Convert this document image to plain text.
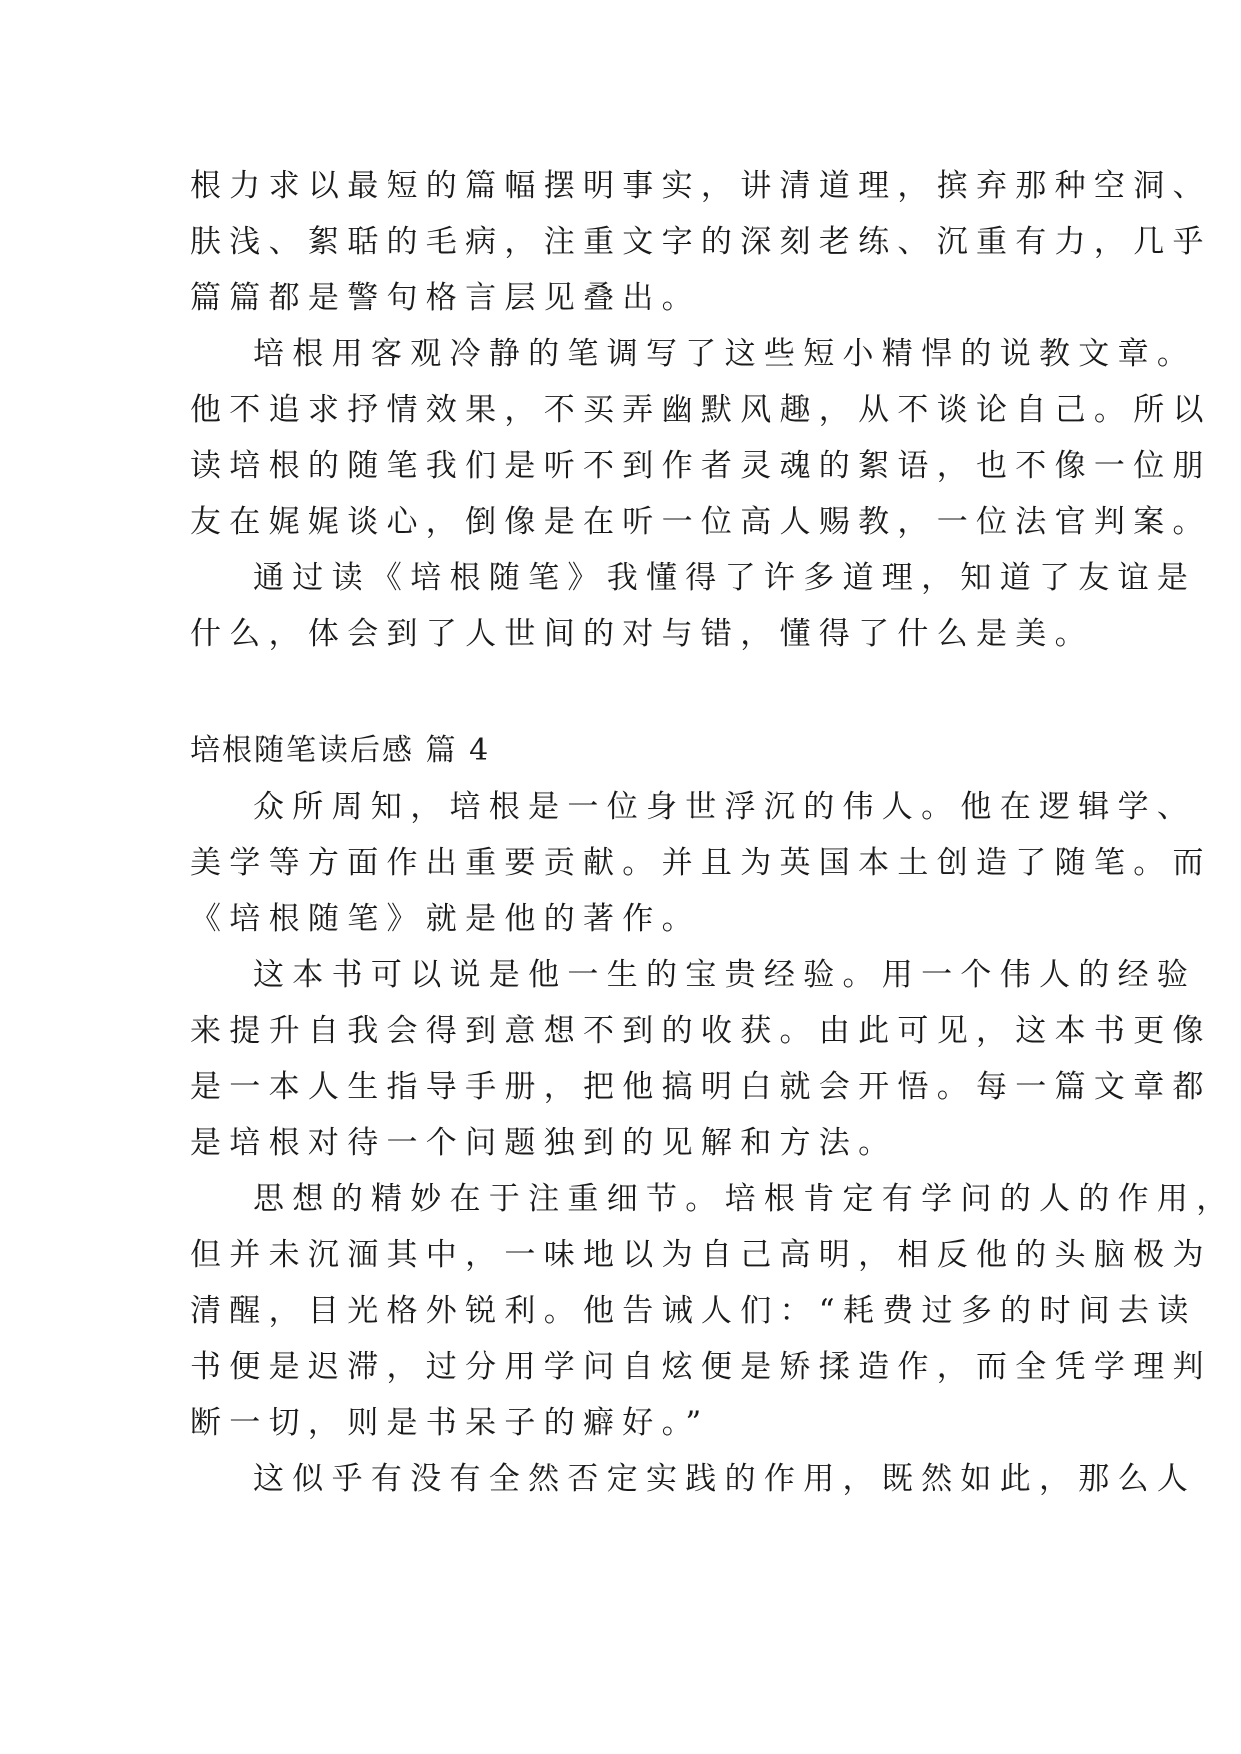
根力求以最短的篇幅摆明事实，讲清道理，摈弃那种空洞、
肤浅、絮聒的毛病，注重文字的深刻老练、沉重有力，几乎
篇篇都是警句格言层见叠出。
培根用客观冷静的笔调写了这些短小精悍的说教文章。
他不追求抒情效果，不买弄幽默风趣，从不谈论自己。所以
读培根的随笔我们是听不到作者灵魂的絮语，也不像一位朋
友在娓娓谈心，倒像是在听一位高人赐教，一位法官判案。
通过读《培根随笔》我懂得了许多道理，知道了友谊是
什么，体会到了人世间的对与错，懂得了什么是美。
培根随笔读后感 篇 4
众所周知，培根是一位身世浮沉的伟人。他在逻辑学、
美学等方面作出重要贡献。并且为英国本土创造了随笔。而
《培根随笔》就是他的著作。
这本书可以说是他一生的宝贵经验。用一个伟人的经验
来提升自我会得到意想不到的收获。由此可见，这本书更像
是一本人生指导手册，把他搞明白就会开悟。每一篇文章都
是培根对待一个问题独到的见解和方法。
思想的精妙在于注重细节。培根肯定有学问的人的作用，
但并未沉湎其中，一味地以为自己高明，相反他的头脑极为
清醒，目光格外锐利。他告诫人们：“耗费过多的时间去读
书便是迟滞，过分用学问自炫便是矫揉造作，而全凭学理判
断一切，则是书呆子的癖好。”
这似乎有没有全然否定实践的作用，既然如此，那么人
